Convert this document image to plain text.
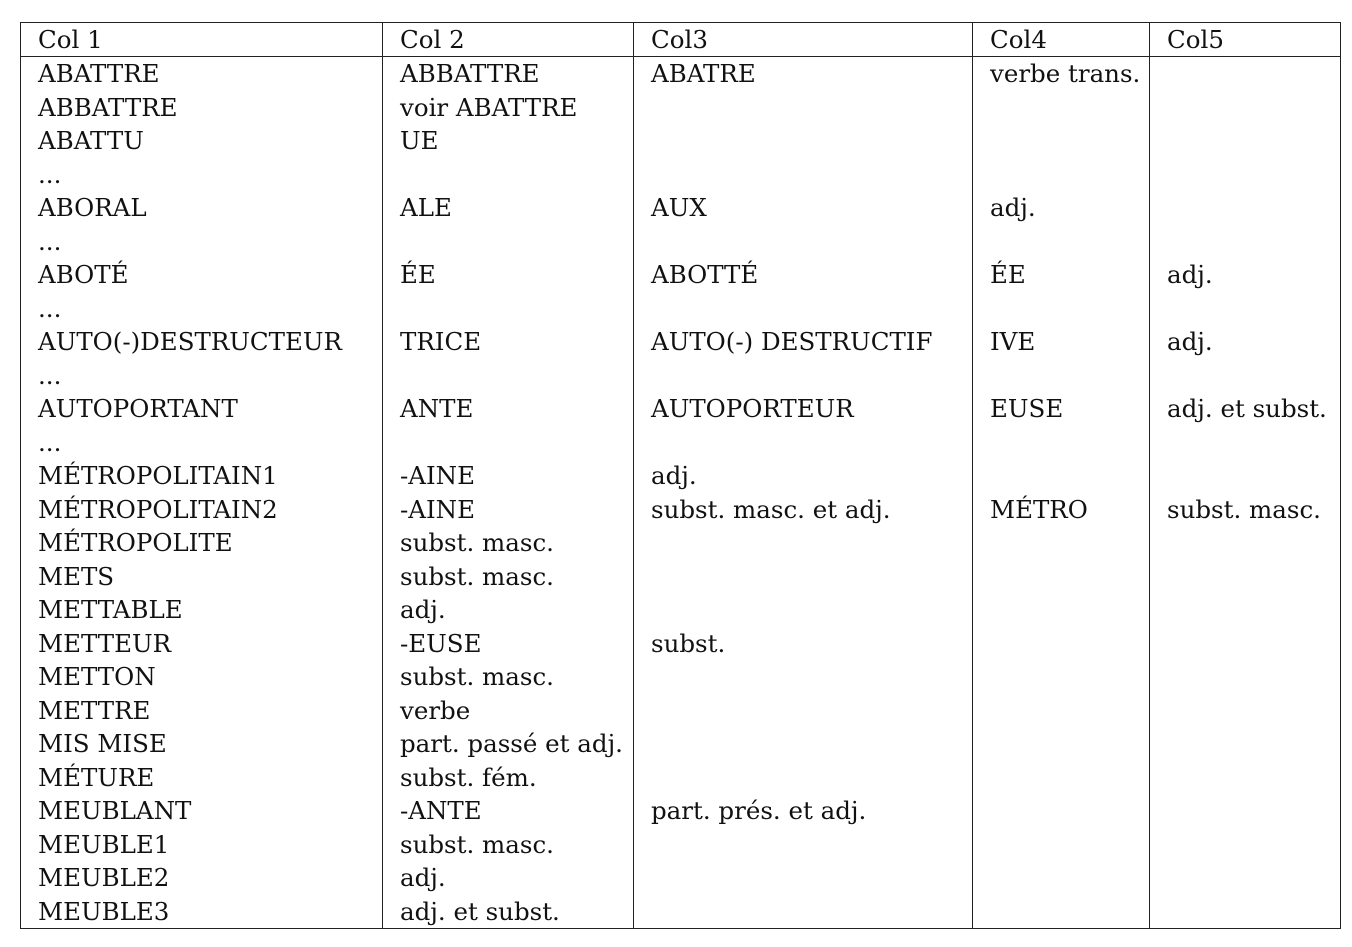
Col 1	Col 2	Col3	Col4	Col5
ABATTRE	ABBATTRE	ABATRE	verbe trans.	
ABBATTRE	voir ABATTRE			
ABATTU	UE			
...				
ABORAL	ALE	AUX	adj.	
...				
ABOTÉ	ÉE	ABOTTÉ	ÉE	adj.
...				
AUTO(-)DESTRUCTEUR	TRICE	AUTO(-) DESTRUCTIF	IVE	adj.
...				
AUTOPORTANT	ANTE	AUTOPORTEUR	EUSE	adj. et subst.
...				
MÉTROPOLITAIN1	-AINE	adj.		
MÉTROPOLITAIN2	-AINE	subst. masc. et adj.	MÉTRO	subst. masc.
MÉTROPOLITE	subst. masc.			
METS	subst. masc.			
METTABLE	adj.			
METTEUR	-EUSE	subst.		
METTON	subst. masc.			
METTRE	verbe			
MIS MISE	part. passé et adj.			
MÉTURE	subst. fém.			
MEUBLANT	-ANTE	part. prés. et adj.		
MEUBLE1	subst. masc.			
MEUBLE2	adj.			
MEUBLE3	adj. et subst.			
